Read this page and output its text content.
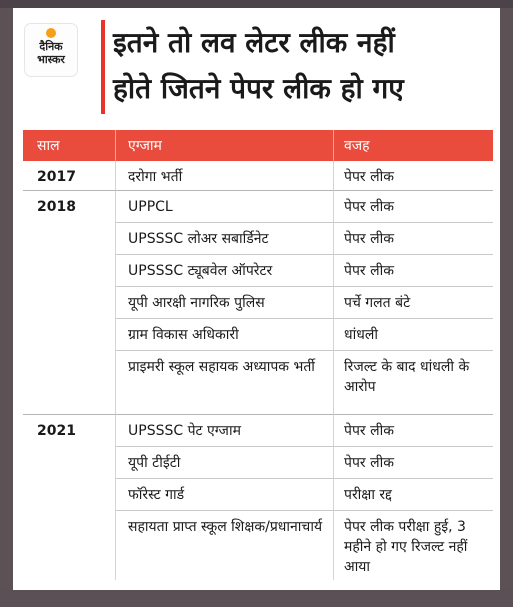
दैनिक
भास्कर
इतने तो लव लेटर लीक नहीं
होते जितने पेपर लीक हो गए
साल	एग्जाम	वजह
2017	दरोगा भर्ती	पेपर लीक
2018	UPPCL	पेपर लीक
UPSSSC लोअर सबार्डिनेट	पेपर लीक
UPSSSC ट्यूबवेल ऑपरेटर	पेपर लीक
यूपी आरक्षी नागरिक पुलिस	पर्चे गलत बंटे
ग्राम विकास अधिकारी	धांधली
प्राइमरी स्कूल सहायक अध्यापक भर्ती	रिजल्ट के बाद धांधली के आरोप
2021	UPSSSC पेट एग्जाम	पेपर लीक
यूपी टीईटी	पेपर लीक
फॉरेस्ट गार्ड	परीक्षा रद्द
सहायता प्राप्त स्कूल शिक्षक/प्रधानाचार्य	पेपर लीक परीक्षा हुई, 3 महीने हो गए रिजल्ट नहीं आया
